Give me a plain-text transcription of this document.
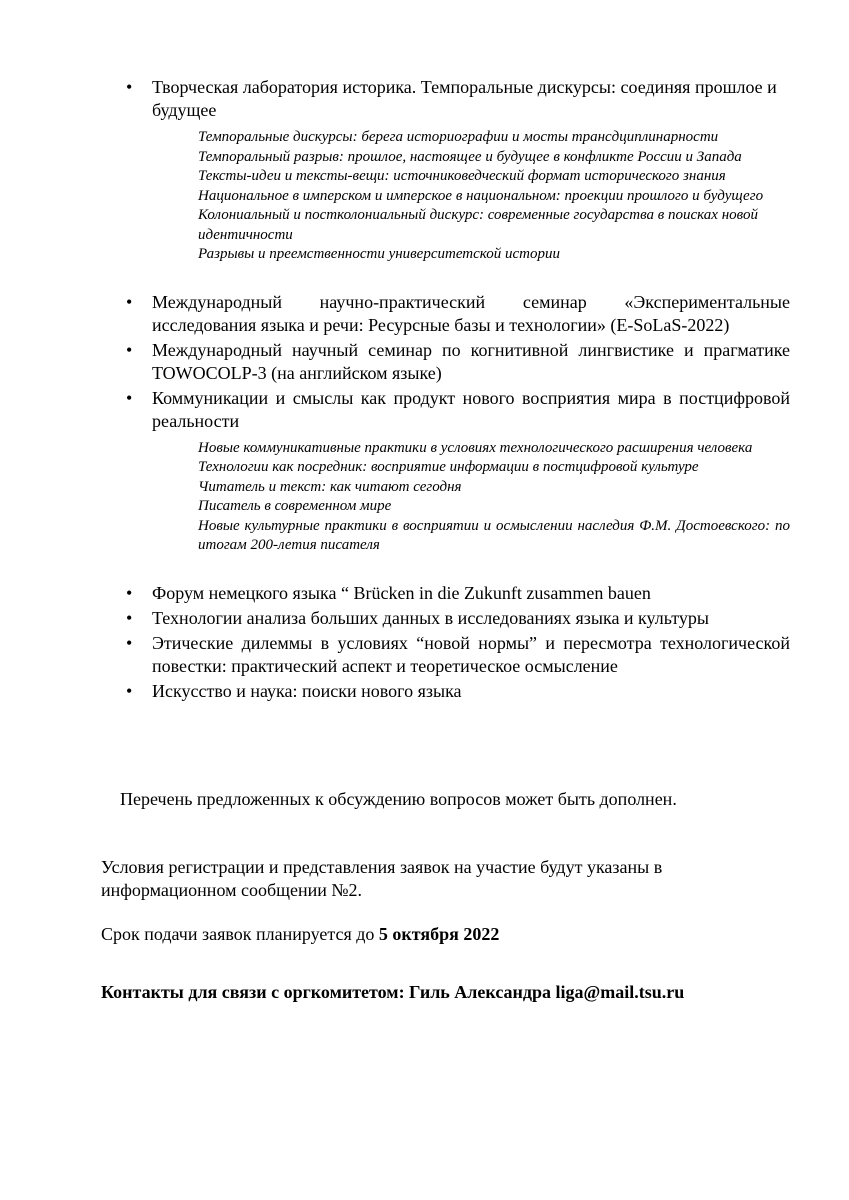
•	Творческая лаборатория историка. Темпоральные дискурсы: соединяя прошлое и будущее
Темпоральные дискурсы: берега историографии и мосты трансдциплинарности
Темпоральный разрыв: прошлое, настоящее и будущее в конфликте России и Запада
Тексты-идеи и тексты-вещи: источниковедческий формат исторического знания
Национальное в имперском и имперское в национальном: проекции прошлого и будущего
Колониальный и постколониальный дискурс: современные государства в поисках новой идентичности
Разрывы и преемственности университетской истории
•	Международный научно-практический семинар «Экспериментальные исследования языка и речи: Ресурсные базы и технологии» (E-SoLaS-2022)
•	Международный научный семинар по когнитивной лингвистике и прагматике TOWOCOLP-3 (на английском языке)
•	Коммуникации и смыслы как продукт нового восприятия мира в постцифровой реальности
Новые коммуникативные практики в условиях технологического расширения человека
Технологии как посредник: восприятие информации в постцифровой культуре
Читатель и текст: как читают сегодня
Писатель в современном мире
Новые культурные практики в восприятии и осмыслении наследия Ф.М. Достоевского: по итогам 200-летия писателя
•	Форум немецкого языка “ Brücken in die Zukunft zusammen bauen
•	Технологии анализа больших данных в исследованиях языка и культуры
•	Этические дилеммы в условиях “новой нормы” и пересмотра технологической повестки: практический аспект и теоретическое осмысление
•	Искусство и наука: поиски нового языка
Перечень предложенных к обсуждению вопросов может быть дополнен.
Условия регистрации и представления заявок на участие будут указаны в информационном сообщении №2.
Срок подачи заявок планируется до 5 октября 2022
Контакты для связи с оргкомитетом: Гиль Александра liga@mail.tsu.ru
